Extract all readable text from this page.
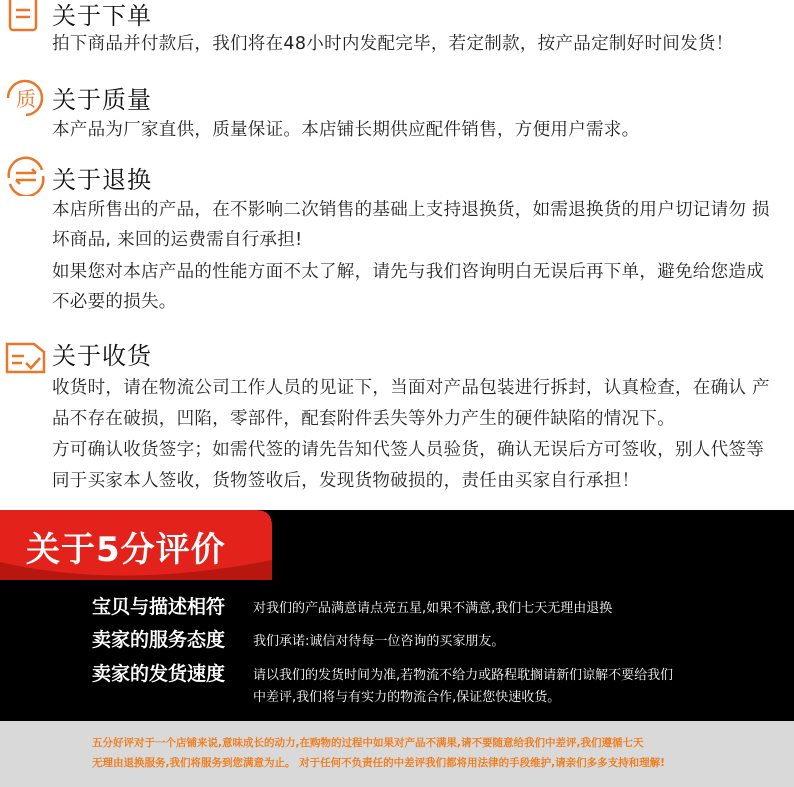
关于下单
拍下商品并付款后，我们将在48小时内发配完毕，若定制款，按产品定制好时间发货！
质 关于质量
本产品为厂家直供，质量保证。本店铺长期供应配件销售，方便用户需求。
关于退换
本店所售出的产品，在不影响二次销售的基础上支持退换货，如需退换货的用户切记请勿 损
坏商品, 来回的运费需自行承担!
如果您对本店产品的性能方面不太了解，请先与我们咨询明白无误后再下单，避免给您造成
不必要的损失。
关于收货
收货时，请在物流公司工作人员的见证下，当面对产品包装进行拆封，认真检查，在确认 产
品不存在破损，凹陷，零部件，配套附件丢失等外力产生的硬件缺陷的情况下。
方可确认收货签字；如需代签的请先告知代签人员验货，确认无误后方可签收，别人代签等
同于买家本人签收，货物签收后，发现货物破损的，责任由买家自行承担！
关于5分评价
宝贝与描述相符 对我们的产品满意请点亮五星,如果不满意,我们七天无理由退换
卖家的服务态度 我们承诺:诚信对待每一位咨询的买家朋友。
卖家的发货速度 请以我们的发货时间为准,若物流不给力或路程耽搁请新们谅解不要给我们
中差评,我们将与有实力的物流合作,保证您快速收货。
五分好评对于一个店铺来说,意味成长的动力,在购物的过程中如果对产品不满果,请不要随意给我们中差评,我们遵循七天
无理由退换服务,我们将服务到您满意为止。 对于任何不负责任的中差评我们都将用法律的手段维护,请亲们多多支持和理解!
